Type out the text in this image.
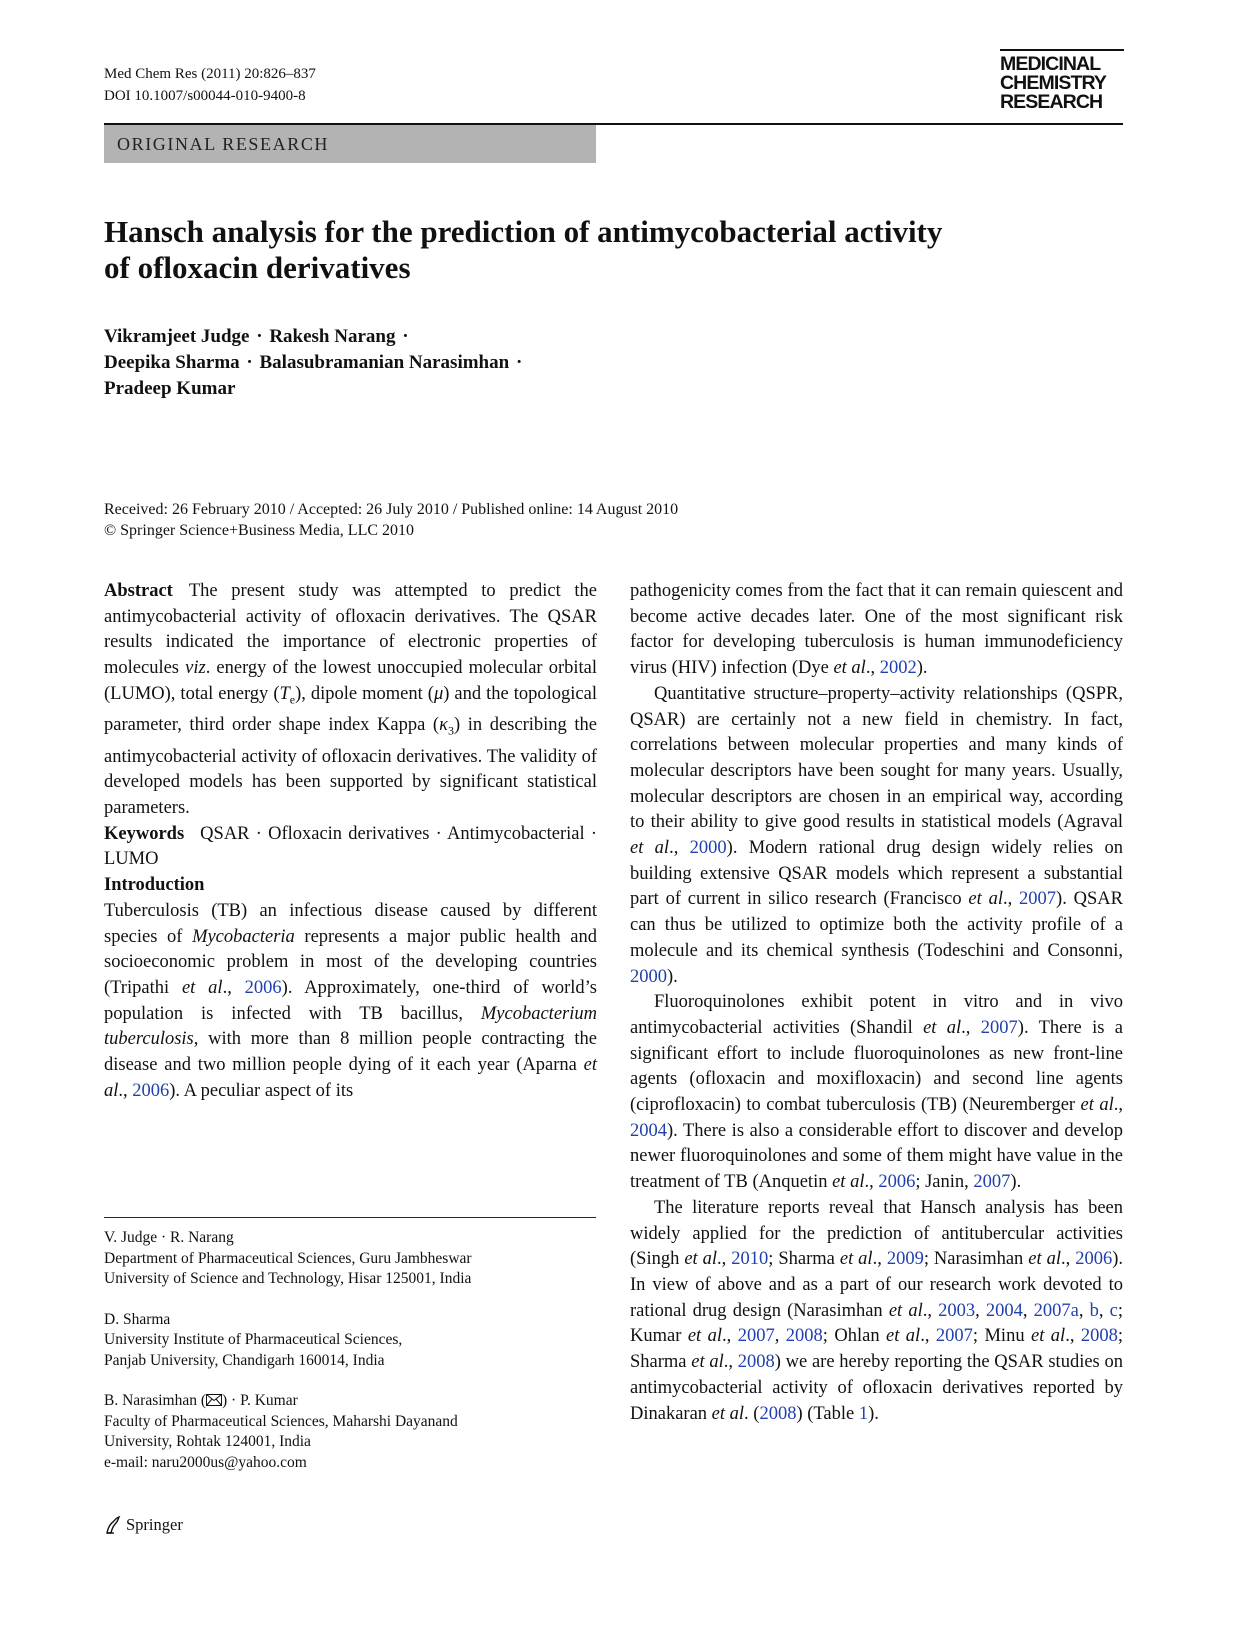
Med Chem Res (2011) 20:826–837
DOI 10.1007/s00044-010-9400-8
MEDICINAL
CHEMISTRY
RESEARCH
ORIGINAL RESEARCH
Hansch analysis for the prediction of antimycobacterial activity
of ofloxacin derivatives
Vikramjeet Judge · Rakesh Narang ·
Deepika Sharma · Balasubramanian Narasimhan ·
Pradeep Kumar
Received: 26 February 2010 / Accepted: 26 July 2010 / Published online: 14 August 2010
© Springer Science+Business Media, LLC 2010

Abstract The present study was attempted to predict the antimycobacterial activity of ofloxacin derivatives. The QSAR results indicated the importance of electronic properties of molecules viz. energy of the lowest unoccupied molecular orbital (LUMO), total energy $(T_e)$, dipole moment (μ) and the topological parameter, third order shape index Kappa $(\kappa_3)$ in describing the antimycobacterial activity of ofloxacin derivatives. The validity of developed models has been supported by significant statistical parameters.

Keywords QSAR · Ofloxacin derivatives · Antimycobacterial · LUMO

Introduction

Tuberculosis (TB) an infectious disease caused by different species of Mycobacteria represents a major public health and socioeconomic problem in most of the developing countries (Tripathi et al., 2006). Approximately, one-third of world’s population is infected with TB bacillus, Mycobacterium tuberculosis, with more than 8 million people contracting the disease and two million people dying of it each year (Aparna et al., 2006). A peculiar aspect of its

pathogenicity comes from the fact that it can remain quiescent and become active decades later. One of the most significant risk factor for developing tuberculosis is human immunodeficiency virus (HIV) infection (Dye et al., 2002).

Quantitative structure–property–activity relationships (QSPR, QSAR) are certainly not a new field in chemistry. In fact, correlations between molecular properties and many kinds of molecular descriptors have been sought for many years. Usually, molecular descriptors are chosen in an empirical way, according to their ability to give good results in statistical models (Agraval et al., 2000). Modern rational drug design widely relies on building extensive QSAR models which represent a substantial part of current in silico research (Francisco et al., 2007). QSAR can thus be utilized to optimize both the activity profile of a molecule and its chemical synthesis (Todeschini and Consonni, 2000).

Fluoroquinolones exhibit potent in vitro and in vivo antimycobacterial activities (Shandil et al., 2007). There is a significant effort to include fluoroquinolones as new front-line agents (ofloxacin and moxifloxacin) and second line agents (ciprofloxacin) to combat tuberculosis (TB) (Neuremberger et al., 2004). There is also a considerable effort to discover and develop newer fluoroquinolones and some of them might have value in the treatment of TB (Anquetin et al., 2006; Janin, 2007).

The literature reports reveal that Hansch analysis has been widely applied for the prediction of antitubercular activities (Singh et al., 2010; Sharma et al., 2009; Narasimhan et al., 2006). In view of above and as a part of our research work devoted to rational drug design (Narasimhan et al., 2003, 2004, 2007a, b, c; Kumar et al., 2007, 2008; Ohlan et al., 2007; Minu et al., 2008; Sharma et al., 2008) we are hereby reporting the QSAR studies on antimycobacterial activity of ofloxacin derivatives reported by Dinakaran et al. (2008) (Table 1).

V. Judge · R. Narang
Department of Pharmaceutical Sciences, Guru Jambheswar
University of Science and Technology, Hisar 125001, India
D. Sharma
University Institute of Pharmaceutical Sciences,
Panjab University, Chandigarh 160014, India
B. Narasimhan ( ) · P. Kumar
Faculty of Pharmaceutical Sciences, Maharshi Dayanand
University, Rohtak 124001, India
e-mail: naru2000us@yahoo.com
Springer
